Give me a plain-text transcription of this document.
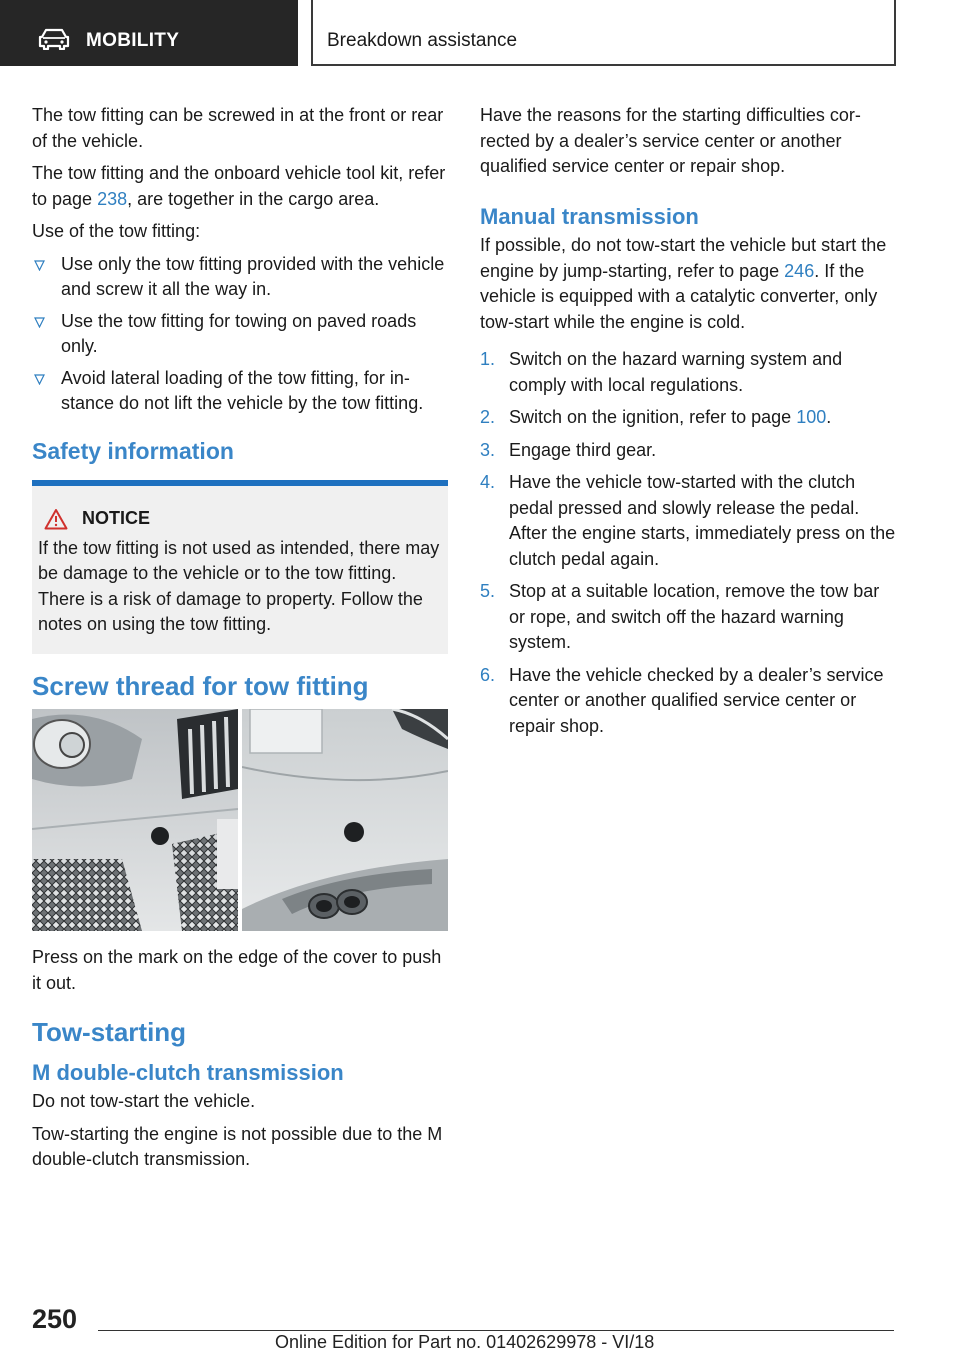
MOBILITY	Breakdown assistance

The tow fitting can be screwed in at the front or rear of the vehicle.

The tow fitting and the onboard vehicle tool kit, refer to page 238, are together in the cargo area.

Use of the tow fitting:

Use only the tow fitting provided with the vehicle and screw it all the way in.
Use the tow fitting for towing on paved roads only.
Avoid lateral loading of the tow fitting, for instance do not lift the vehicle by the tow fitting.
Safety information
NOTICE

If the tow fitting is not used as intended, there may be damage to the vehicle or to the tow fitting. There is a risk of damage to property. Follow the notes on using the tow fitting.

Screw thread for tow fitting

Press on the mark on the edge of the cover to push it out.

Tow-starting
M double-clutch transmission

Do not tow-start the vehicle.

Tow-starting the engine is not possible due to the M double-clutch transmission.

Have the reasons for the starting difficulties corrected by a dealer’s service center or another qualified service center or repair shop.

Manual transmission

If possible, do not tow-start the vehicle but start the engine by jump-starting, refer to page 246. If the vehicle is equipped with a catalytic converter, only tow-start while the engine is cold.

1. Switch on the hazard warning system and comply with local regulations.
2. Switch on the ignition, refer to page 100.
3. Engage third gear.
4. Have the vehicle tow-started with the clutch pedal pressed and slowly release the pedal. After the engine starts, immediately press on the clutch pedal again.
5. Stop at a suitable location, remove the tow bar or rope, and switch off the hazard warning system.
6. Have the vehicle checked by a dealer’s service center or another qualified service center or repair shop.
250
Online Edition for Part no. 01402629978 - VI/18
